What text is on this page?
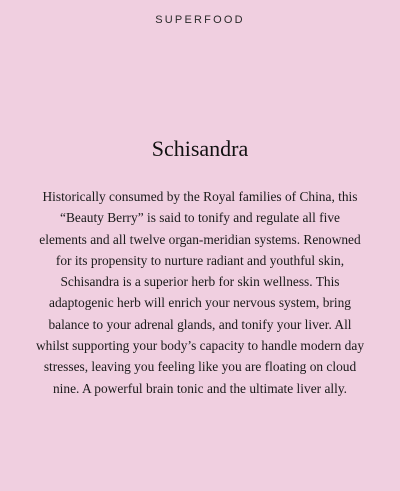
SUPERFOOD
Schisandra

Historically consumed by the Royal families of China, this “Beauty Berry” is said to tonify and regulate all five elements and all twelve organ-meridian systems. Renowned for its propensity to nurture radiant and youthful skin, Schisandra is a superior herb for skin wellness. This adaptogenic herb will enrich your nervous system, bring balance to your adrenal glands, and tonify your liver. All whilst supporting your body’s capacity to handle modern day stresses, leaving you feeling like you are floating on cloud nine. A powerful brain tonic and the ultimate liver ally.
